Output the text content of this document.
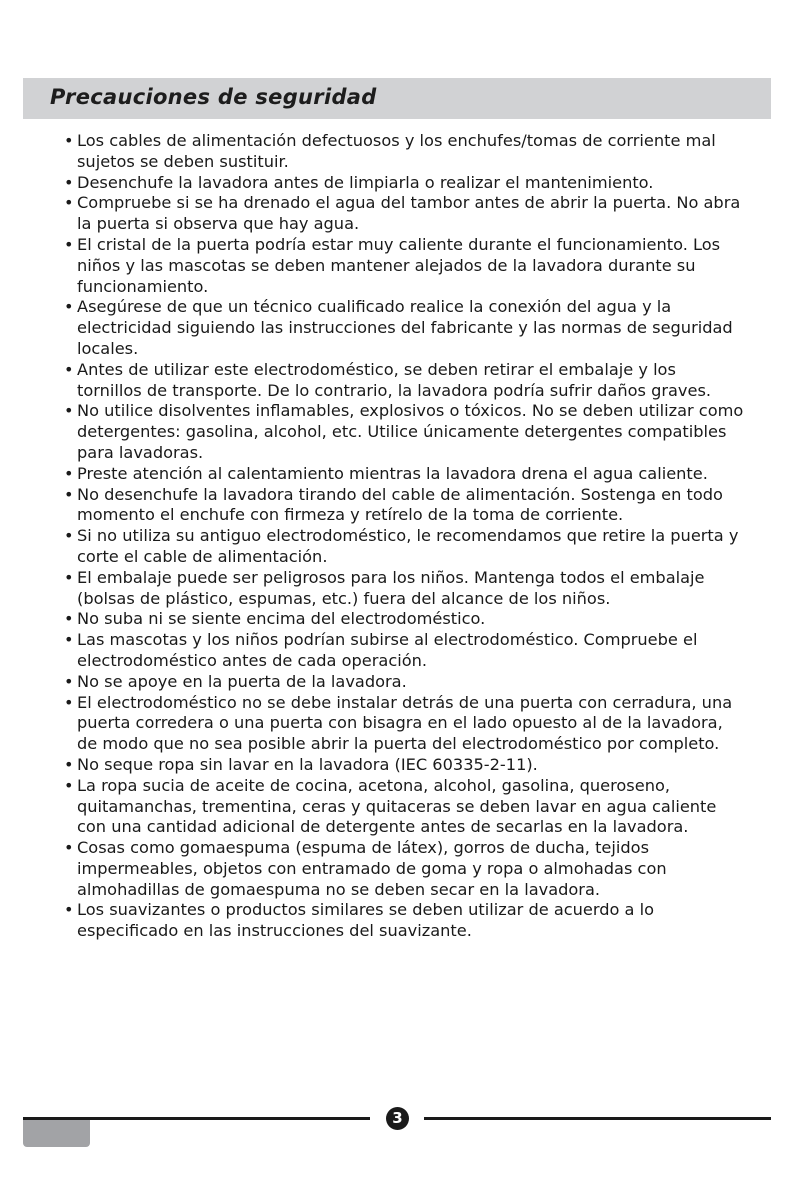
Precauciones de seguridad
• Los cables de alimentación defectuosos y los enchufes/tomas de corriente mal sujetos se deben sustituir.
• Desenchufe la lavadora antes de limpiarla o realizar el mantenimiento.
• Compruebe si se ha drenado el agua del tambor antes de abrir la puerta. No abra la puerta si observa que hay agua.
• El cristal de la puerta podría estar muy caliente durante el funcionamiento. Los niños y las mascotas se deben mantener alejados de la lavadora durante su funcionamiento.
• Asegúrese de que un técnico cualificado realice la conexión del agua y la electricidad siguiendo las instrucciones del fabricante y las normas de seguridad locales.
• Antes de utilizar este electrodoméstico, se deben retirar el embalaje y los tornillos de transporte. De lo contrario, la lavadora podría sufrir daños graves.
• No utilice disolventes inflamables, explosivos o tóxicos. No se deben utilizar como detergentes: gasolina, alcohol, etc. Utilice únicamente detergentes compatibles para lavadoras.
• Preste atención al calentamiento mientras la lavadora drena el agua caliente.
• No desenchufe la lavadora tirando del cable de alimentación. Sostenga en todo momento el enchufe con firmeza y retírelo de la toma de corriente.
• Si no utiliza su antiguo electrodoméstico, le recomendamos que retire la puerta y corte el cable de alimentación.
• El embalaje puede ser peligrosos para los niños. Mantenga todos el embalaje (bolsas de plástico, espumas, etc.) fuera del alcance de los niños.
• No suba ni se siente encima del electrodoméstico.
• Las mascotas y los niños podrían subirse al electrodoméstico. Compruebe el electrodoméstico antes de cada operación.
• No se apoye en la puerta de la lavadora.
• El electrodoméstico no se debe instalar detrás de una puerta con cerradura, una puerta corredera o una puerta con bisagra en el lado opuesto al de la lavadora, de modo que no sea posible abrir la puerta del electrodoméstico por completo.
• No seque ropa sin lavar en la lavadora (IEC 60335-2-11).
• La ropa sucia de aceite de cocina, acetona, alcohol, gasolina, queroseno, quitamanchas, trementina, ceras y quitaceras se deben lavar en agua caliente con una cantidad adicional de detergente antes de secarlas en la lavadora.
• Cosas como gomaespuma (espuma de látex), gorros de ducha, tejidos impermeables, objetos con entramado de goma y ropa o almohadas con almohadillas de gomaespuma no se deben secar en la lavadora.
• Los suavizantes o productos similares se deben utilizar de acuerdo a lo especificado en las instrucciones del suavizante.
3
